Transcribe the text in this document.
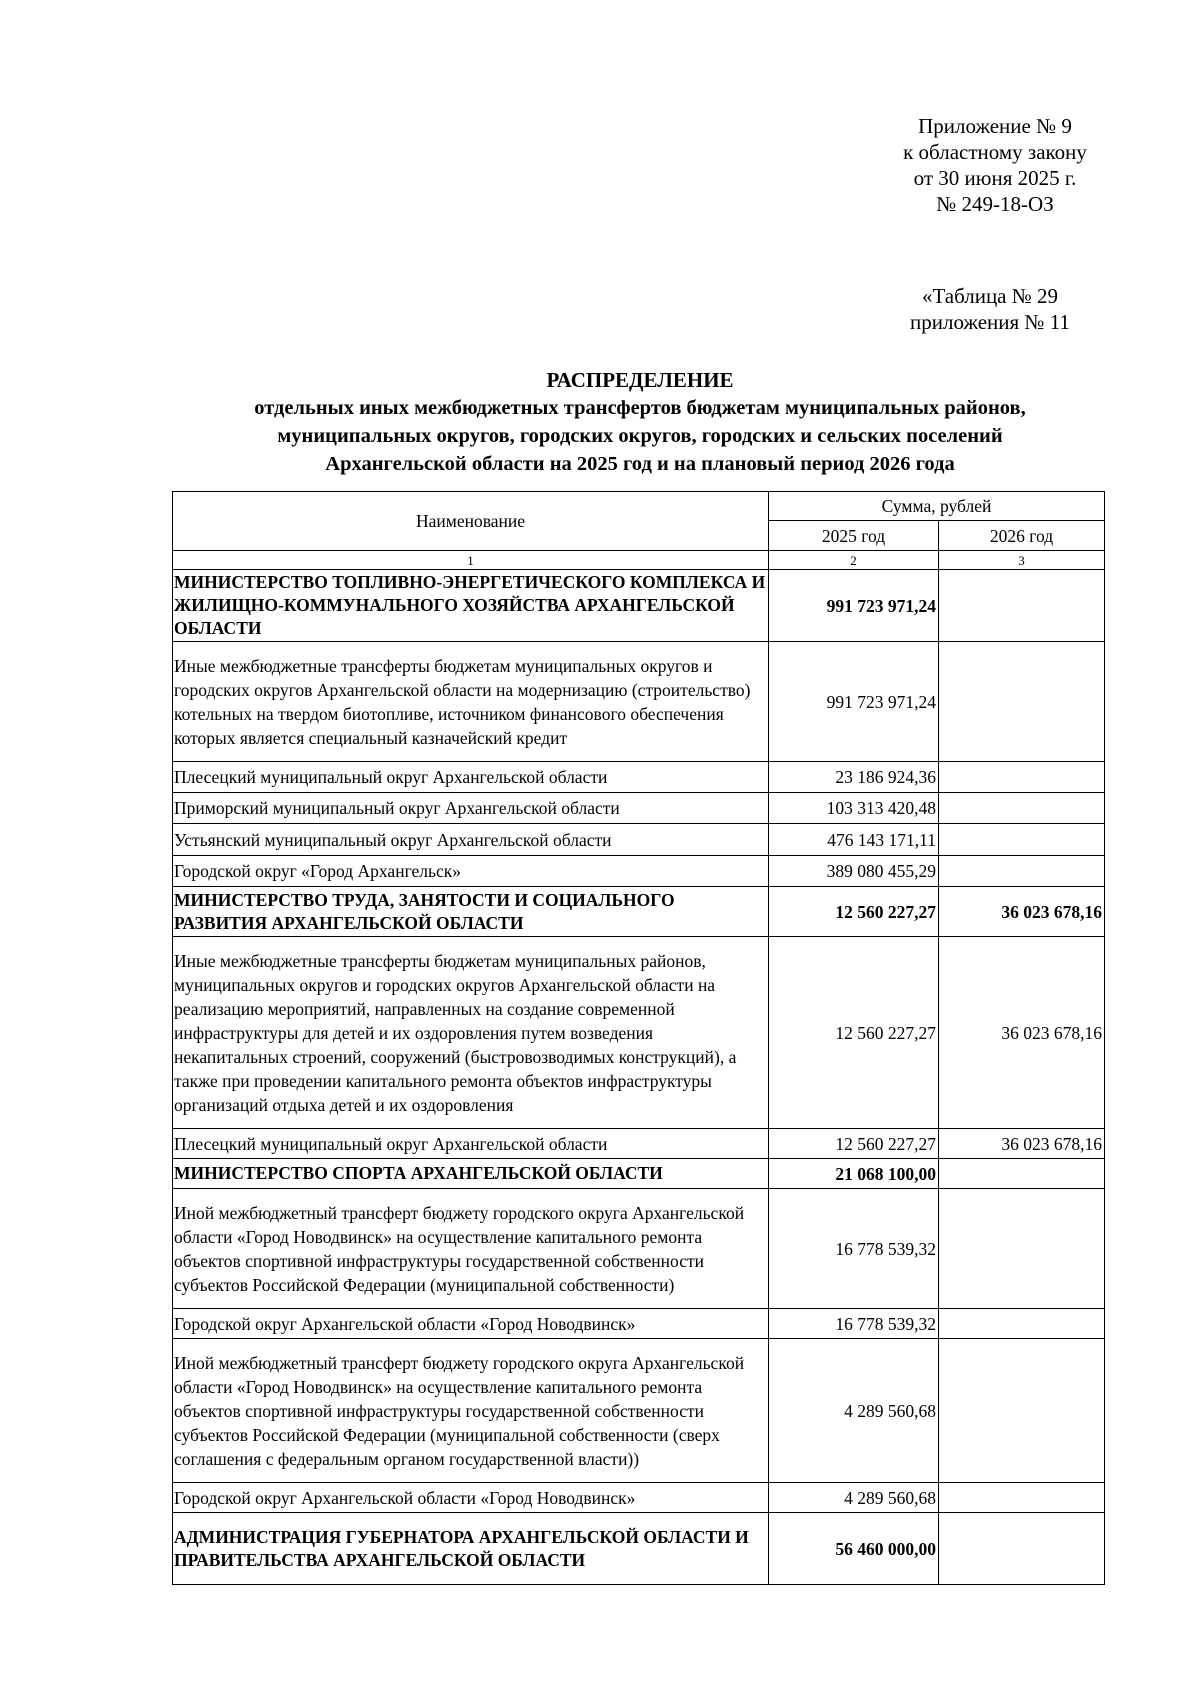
Приложение № 9
к областному закону
от 30 июня 2025 г.
№ 249-18-ОЗ
«Таблица № 29
приложения № 11
РАСПРЕДЕЛЕНИЕ
отдельных иных межбюджетных трансфертов бюджетам муниципальных районов,
муниципальных округов, городских округов, городских и сельских поселений
Архангельской области на 2025 год и на плановый период 2026 года
Наименование	Сумма, рублей	
	2025 год	2026 год
1	2	3
МИНИСТЕРСТВО ТОПЛИВНО-ЭНЕРГЕТИЧЕСКОГО КОМПЛЕКСА И ЖИЛИЩНО-КОММУНАЛЬНОГО ХОЗЯЙСТВА АРХАНГЕЛЬСКОЙ ОБЛАСТИ	991 723 971,24	
Иные межбюджетные трансферты бюджетам муниципальных округов и городских округов Архангельской области на модернизацию (строительство) котельных на твердом биотопливе, источником финансового обеспечения которых является специальный казначейский кредит	991 723 971,24	
Плесецкий муниципальный округ Архангельской области	23 186 924,36	
Приморский муниципальный округ Архангельской области	103 313 420,48	
Устьянский муниципальный округ Архангельской области	476 143 171,11	
Городской округ «Город Архангельск»	389 080 455,29	
МИНИСТЕРСТВО ТРУДА, ЗАНЯТОСТИ И СОЦИАЛЬНОГО РАЗВИТИЯ АРХАНГЕЛЬСКОЙ ОБЛАСТИ	12 560 227,27	36 023 678,16
Иные межбюджетные трансферты бюджетам муниципальных районов, муниципальных округов и городских округов Архангельской области на реализацию мероприятий, направленных на создание современной инфраструктуры для детей и их оздоровления путем возведения некапитальных строений, сооружений (быстровозводимых конструкций), а также при проведении капитального ремонта объектов инфраструктуры организаций отдыха детей и их оздоровления	12 560 227,27	36 023 678,16
Плесецкий муниципальный округ Архангельской области	12 560 227,27	36 023 678,16
МИНИСТЕРСТВО СПОРТА АРХАНГЕЛЬСКОЙ ОБЛАСТИ	21 068 100,00	
Иной межбюджетный трансферт бюджету городского округа Архангельской области «Город Новодвинск» на осуществление капитального ремонта объектов спортивной инфраструктуры государственной собственности субъектов Российской Федерации (муниципальной собственности)	16 778 539,32	
Городской округ Архангельской области «Город Новодвинск»	16 778 539,32	
Иной межбюджетный трансферт бюджету городского округа Архангельской области «Город Новодвинск» на осуществление капитального ремонта объектов спортивной инфраструктуры государственной собственности субъектов Российской Федерации (муниципальной собственности (сверх соглашения с федеральным органом государственной власти))	4 289 560,68	
Городской округ Архангельской области «Город Новодвинск»	4 289 560,68	
АДМИНИСТРАЦИЯ ГУБЕРНАТОРА АРХАНГЕЛЬСКОЙ ОБЛАСТИ И ПРАВИТЕЛЬСТВА АРХАНГЕЛЬСКОЙ ОБЛАСТИ	56 460 000,00	
